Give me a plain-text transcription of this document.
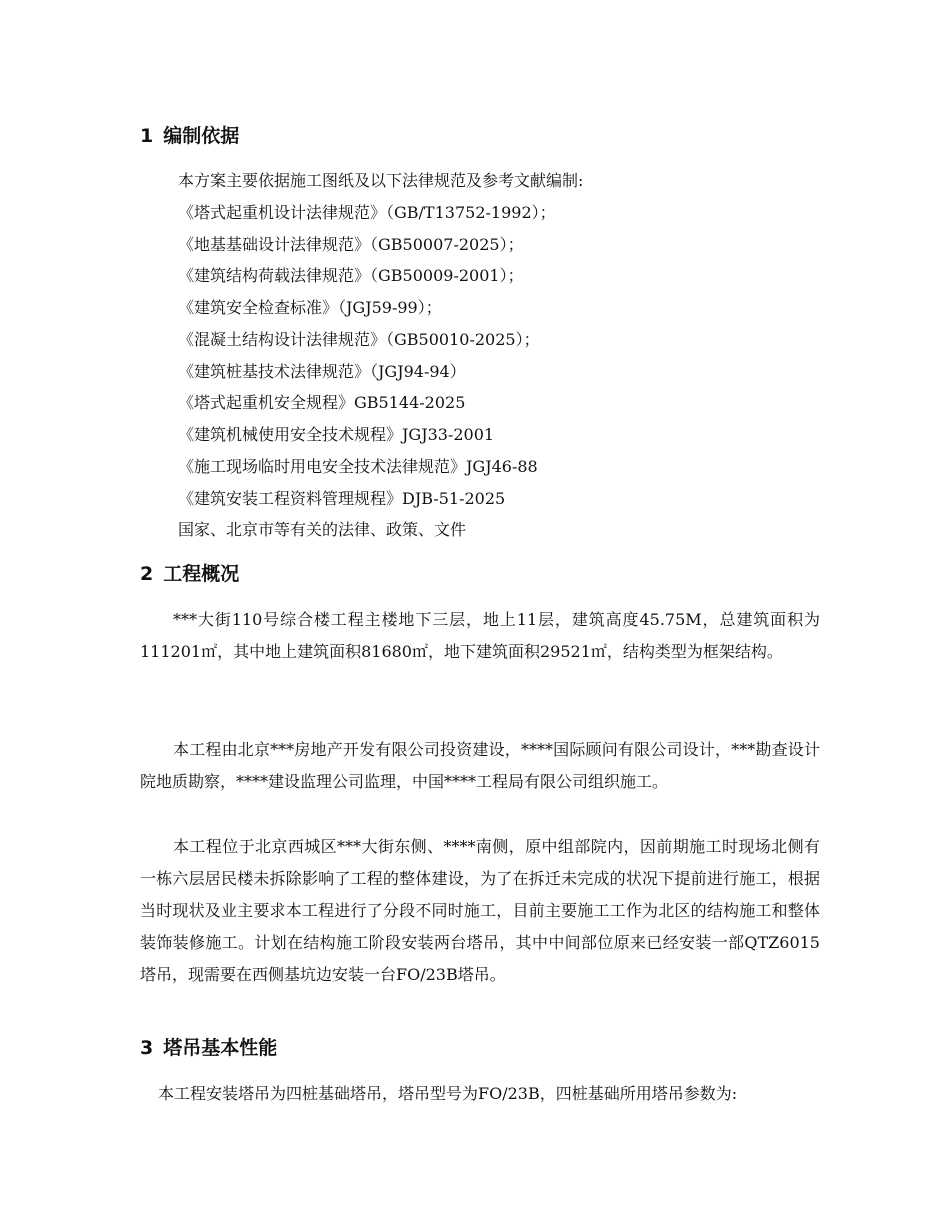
1 编制依据
本方案主要依据施工图纸及以下法律规范及参考文献编制:
《塔式起重机设计法律规范》（GB/T13752-1992）；
《地基基础设计法律规范》（GB50007-2025）；
《建筑结构荷载法律规范》（GB50009-2001）；
《建筑安全检查标准》（JGJ59-99）；
《混凝土结构设计法律规范》（GB50010-2025）；
《建筑桩基技术法律规范》（JGJ94-94）
《塔式起重机安全规程》GB5144-2025
《建筑机械使用安全技术规程》JGJ33-2001
《施工现场临时用电安全技术法律规范》JGJ46-88
《建筑安装工程资料管理规程》DJB-51-2025
国家、北京市等有关的法律、政策、文件
2 工程概况
***大街110号综合楼工程主楼地下三层，地上11层，建筑高度45.75M，总建筑面积为111201㎡，其中地上建筑面积81680㎡，地下建筑面积29521㎡，结构类型为框架结构。
本工程由北京***房地产开发有限公司投资建设，****国际顾问有限公司设计，***勘查设计院地质勘察，****建设监理公司监理，中国****工程局有限公司组织施工。
本工程位于北京西城区***大街东侧、****南侧，原中组部院内，因前期施工时现场北侧有一栋六层居民楼未拆除影响了工程的整体建设，为了在拆迁未完成的状况下提前进行施工，根据当时现状及业主要求本工程进行了分段不同时施工，目前主要施工工作为北区的结构施工和整体装饰装修施工。计划在结构施工阶段安装两台塔吊，其中中间部位原来已经安装一部QTZ6015塔吊，现需要在西侧基坑边安装一台FO/23B塔吊。
3 塔吊基本性能
本工程安装塔吊为四桩基础塔吊，塔吊型号为FO/23B，四桩基础所用塔吊参数为:
